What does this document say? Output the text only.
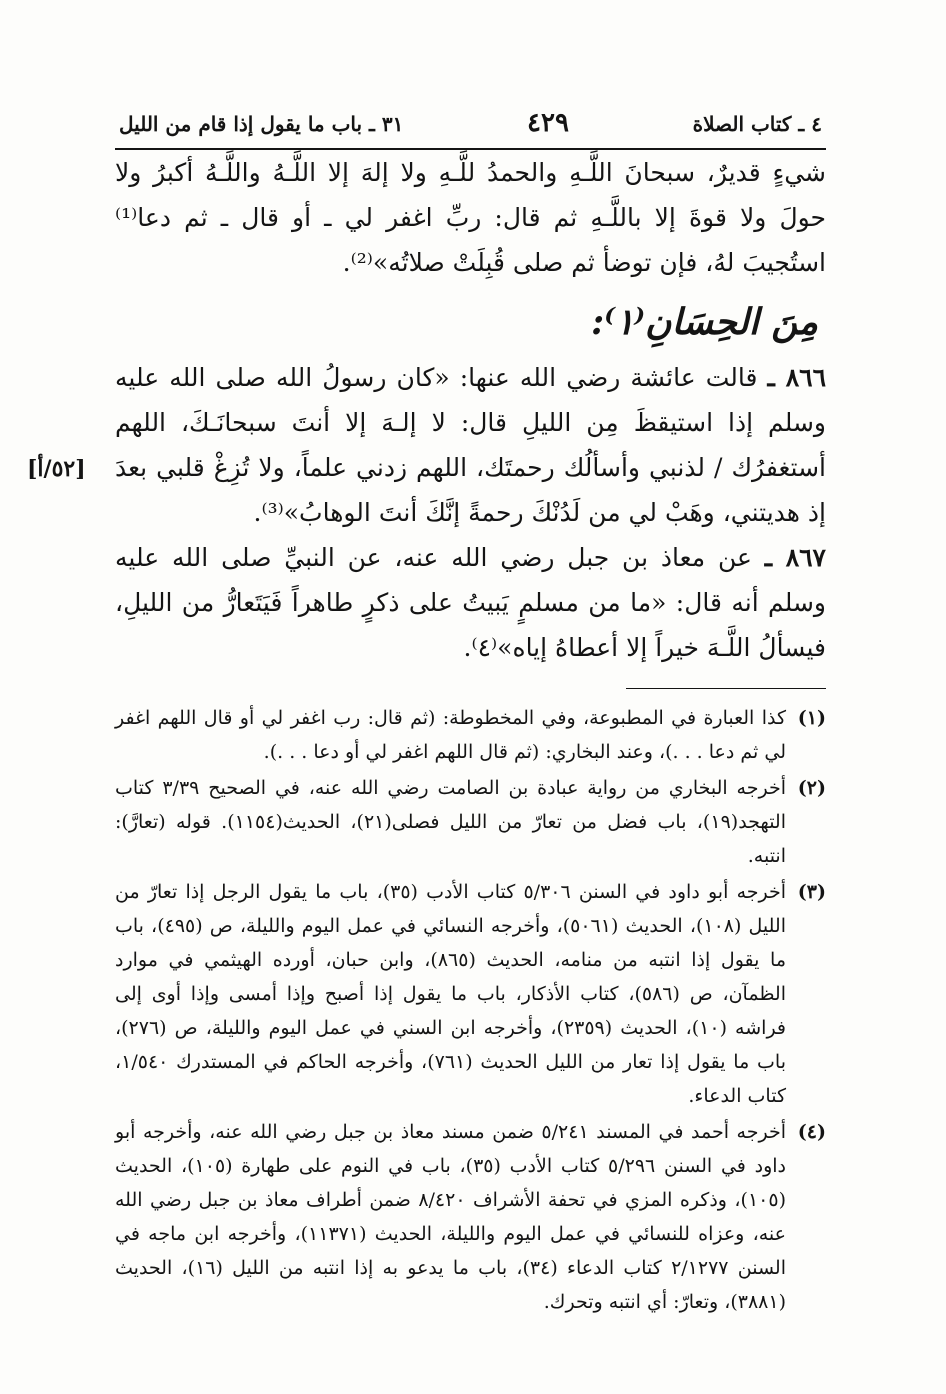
٤ ـ كتاب الصلاة
٤٢٩
٣١ ـ باب ما يقول إذا قام من الليل

شيءٍ قديرٌ، سبحانَ اللَّـهِ والحمدُ للَّـهِ ولا إلهَ إلا اللَّـهُ واللَّـهُ أكبرُ ولا حولَ ولا قوةَ إلا باللَّـهِ ثم قال: ربِّ اغفر لي ـ أو قال ـ ثم دعا⁽¹⁾ استُجيبَ لهُ، فإن توضأ ثم صلى قُبِلَتْ صلاتُه»⁽²⁾.

مِنَ الحِسَانِ⁽١⁾:

٨٦٦ ـ قالت عائشة رضي الله عنها: «كان رسولُ الله صلى الله عليه وسلم إذا استيقظَ مِن الليلِ قال: لا إلـهَ إلا أنتَ سبحانَـكَ، اللهم أستغفرُك / لذنبي وأسألُك رحمتَك، اللهم زدني علماً، ولا تُزِغْ قلبي بعدَ إذ هديتني، وهَبْ لي من لَدُنْكَ رحمةً إنَّكَ أنتَ الوهابُ»⁽³⁾.
[٥٢/أ]

٨٦٧ ـ عن معاذ بن جبل رضي الله عنه، عن النبيِّ صلى الله عليه وسلم أنه قال: «ما من مسلمٍ يَبيتُ على ذكرٍ طاهراً فَيَتَعارُّ من الليلِ، فيسألُ اللَّـهَ خيراً إلا أعطاهُ إياه»⁽٤⁾.

(١)
كذا العبارة في المطبوعة، وفي المخطوطة: (ثم قال: رب اغفر لي أو قال اللهم اغفر لي ثم دعا . . .)، وعند البخاري: (ثم قال اللهم اغفر لي أو دعا . . .).
(٢)
أخرجه البخاري من رواية عبادة بن الصامت رضي الله عنه، في الصحيح ٣/٣٩ كتاب التهجد(١٩)، باب فضل من تعارّ من الليل فصلى(٢١)، الحديث(١١٥٤). قوله (تعارَّ): انتبه.
(٣)
أخرجه أبو داود في السنن ٥/٣٠٦ كتاب الأدب (٣٥)، باب ما يقول الرجل إذا تعارّ من الليل (١٠٨)، الحديث (٥٠٦١)، وأخرجه النسائي في عمل اليوم والليلة، ص (٤٩٥)، باب ما يقول إذا انتبه من منامه، الحديث (٨٦٥)، وابن حبان، أورده الهيثمي في موارد الظمآن، ص (٥٨٦)، كتاب الأذكار، باب ما يقول إذا أصبح وإذا أمسى وإذا أوى إلى فراشه (١٠)، الحديث (٢٣٥٩)، وأخرجه ابن السني في عمل اليوم والليلة، ص (٢٧٦)، باب ما يقول إذا تعار من الليل الحديث (٧٦١)، وأخرجه الحاكم في المستدرك ١/٥٤٠، كتاب الدعاء.
(٤)
أخرجه أحمد في المسند ٥/٢٤١ ضمن مسند معاذ بن جبل رضي الله عنه، وأخرجه أبو داود في السنن ٥/٢٩٦ كتاب الأدب (٣٥)، باب في النوم على طهارة (١٠٥)، الحديث (١٠٥)، وذكره المزي في تحفة الأشراف ٨/٤٢٠ ضمن أطراف معاذ بن جبل رضي الله عنه، وعزاه للنسائي في عمل اليوم والليلة، الحديث (١١٣٧١)، وأخرجه ابن ماجه في السنن ٢/١٢٧٧ كتاب الدعاء (٣٤)، باب ما يدعو به إذا انتبه من الليل (١٦)، الحديث (٣٨٨١)، وتعارّ: أي انتبه وتحرك.
